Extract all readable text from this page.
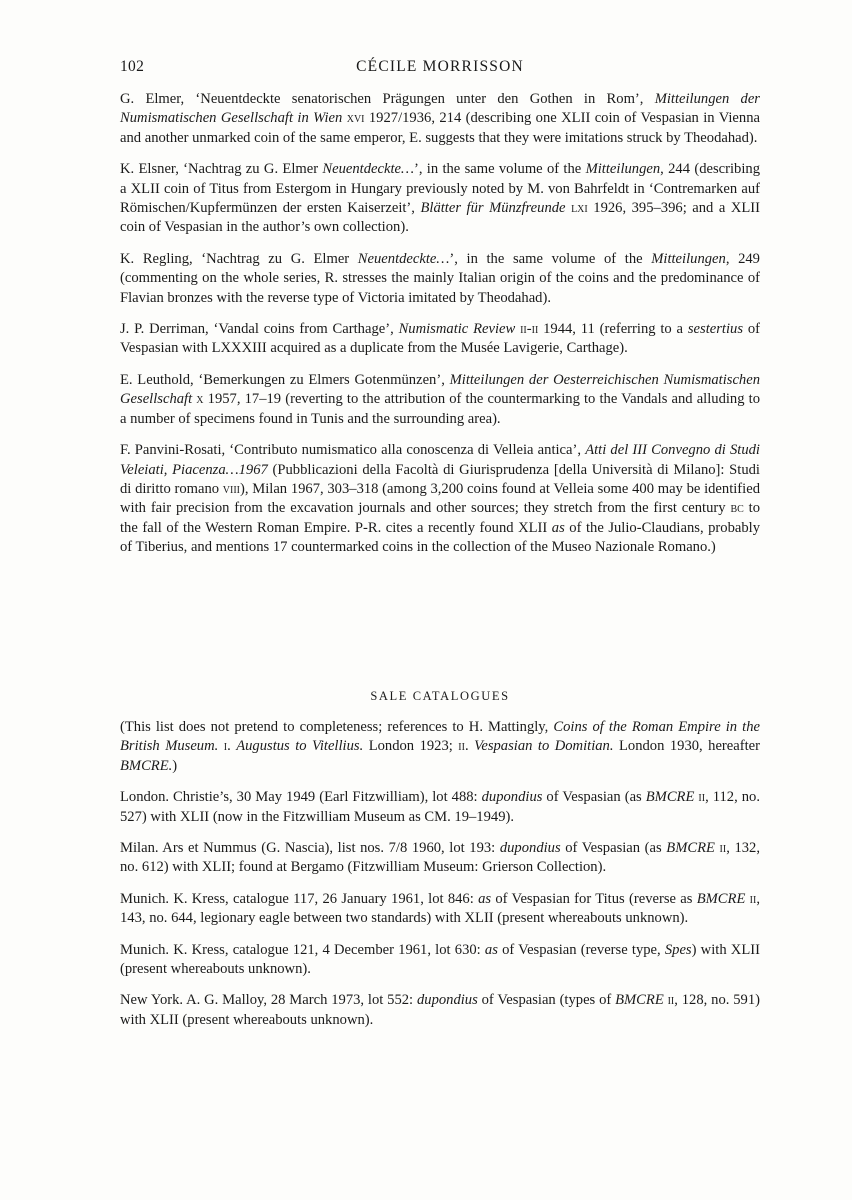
102	CÉCILE MORRISSON

G. Elmer, ‘Neuentdeckte senatorischen Prägungen unter den Gothen in Rom’, Mitteilungen der Numismatischen Gesellschaft in Wien xvi 1927/1936, 214 (describing one XLII coin of Vespasian in Vienna and another unmarked coin of the same emperor, E. suggests that they were imitations struck by Theodahad).

K. Elsner, ‘Nachtrag zu G. Elmer Neuentdeckte…’, in the same volume of the Mitteilungen, 244 (describing a XLII coin of Titus from Estergom in Hungary previously noted by M. von Bahrfeldt in ‘Contremarken auf Römischen/Kupfermünzen der ersten Kaiserzeit’, Blätter für Münzfreunde lxi 1926, 395–396; and a XLII coin of Vespasian in the author’s own collection).

K. Regling, ‘Nachtrag zu G. Elmer Neuentdeckte…’, in the same volume of the Mitteilungen, 249 (commenting on the whole series, R. stresses the mainly Italian origin of the coins and the predominance of Flavian bronzes with the reverse type of Victoria imitated by Theodahad).

J. P. Derriman, ‘Vandal coins from Carthage’, Numismatic Review ii-ii 1944, 11 (referring to a sestertius of Vespasian with LXXXIII acquired as a duplicate from the Musée Lavigerie, Carthage).

E. Leuthold, ‘Bemerkungen zu Elmers Gotenmünzen’, Mitteilungen der Oesterreichischen Numismatischen Gesellschaft x 1957, 17–19 (reverting to the attribution of the countermarking to the Vandals and alluding to a number of specimens found in Tunis and the surrounding area).

F. Panvini-Rosati, ‘Contributo numismatico alla conoscenza di Velleia antica’, Atti del III Convegno di Studi Veleiati, Piacenza…1967 (Pubblicazioni della Facoltà di Giurisprudenza [della Università di Milano]: Studi di diritto romano viii), Milan 1967, 303–318 (among 3,200 coins found at Velleia some 400 may be identified with fair precision from the excavation journals and other sources; they stretch from the first century bc to the fall of the Western Roman Empire. P-R. cites a recently found XLII as of the Julio-Claudians, probably of Tiberius, and mentions 17 countermarked coins in the collection of the Museo Nazionale Romano.)

SALE CATALOGUES

(This list does not pretend to completeness; references to H. Mattingly, Coins of the Roman Empire in the British Museum. i. Augustus to Vitellius. London 1923; ii. Vespasian to Domitian. London 1930, hereafter BMCRE.)

London. Christie’s, 30 May 1949 (Earl Fitzwilliam), lot 488: dupondius of Vespasian (as BMCRE ii, 112, no. 527) with XLII (now in the Fitzwilliam Museum as CM. 19–1949).

Milan. Ars et Nummus (G. Nascia), list nos. 7/8 1960, lot 193: dupondius of Vespasian (as BMCRE ii, 132, no. 612) with XLII; found at Bergamo (Fitzwilliam Museum: Grierson Collection).

Munich. K. Kress, catalogue 117, 26 January 1961, lot 846: as of Vespasian for Titus (reverse as BMCRE ii, 143, no. 644, legionary eagle between two standards) with XLII (present whereabouts unknown).

Munich. K. Kress, catalogue 121, 4 December 1961, lot 630: as of Vespasian (reverse type, Spes) with XLII (present whereabouts unknown).

New York. A. G. Malloy, 28 March 1973, lot 552: dupondius of Vespasian (types of BMCRE ii, 128, no. 591) with XLII (present whereabouts unknown).
